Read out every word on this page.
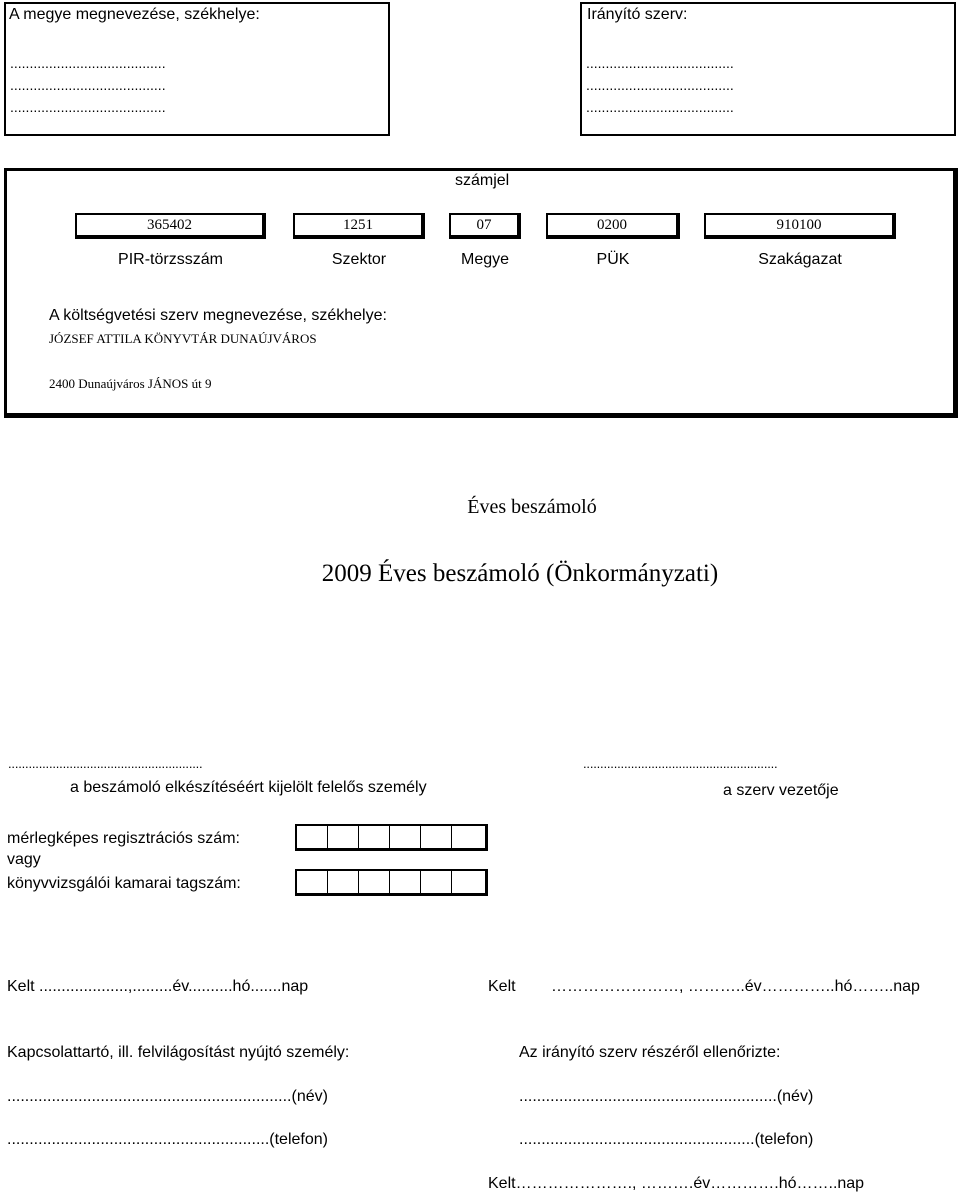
A megye megnevezése, székhelye:
........................................
........................................
........................................
Irányító szerv:
......................................
......................................
......................................
számjel
365402	1251	07	0200	910100
PIR-törzsszám	Szektor	Megye	PÜK	Szakágazat
A költségvetési szerv megnevezése, székhelye:
JÓZSEF ATTILA KÖNYVTÁR DUNAÚJVÁROS
2400 Dunaújváros JÁNOS út 9
Éves beszámoló
2009 Éves beszámoló (Önkormányzati)
.........................................................
a beszámoló elkészítéséért kijelölt felelős személy
.........................................................
a szerv vezetője
mérlegképes regisztrációs szám:
vagy
könyvvizsgálói kamarai tagszám:
Kelt ....................,.........év..........hó.......nap	Kelt ……………………, ………..év…………..hó……..nap
Kapcsolattartó, ill. felvilágosítást nyújtó személy:
................................................................(név)
...........................................................(telefon)
Az irányító szerv részéről ellenőrizte:
..........................................................(név)
.....................................................(telefon)
Kelt…………………., ……….év………….hó……..nap
